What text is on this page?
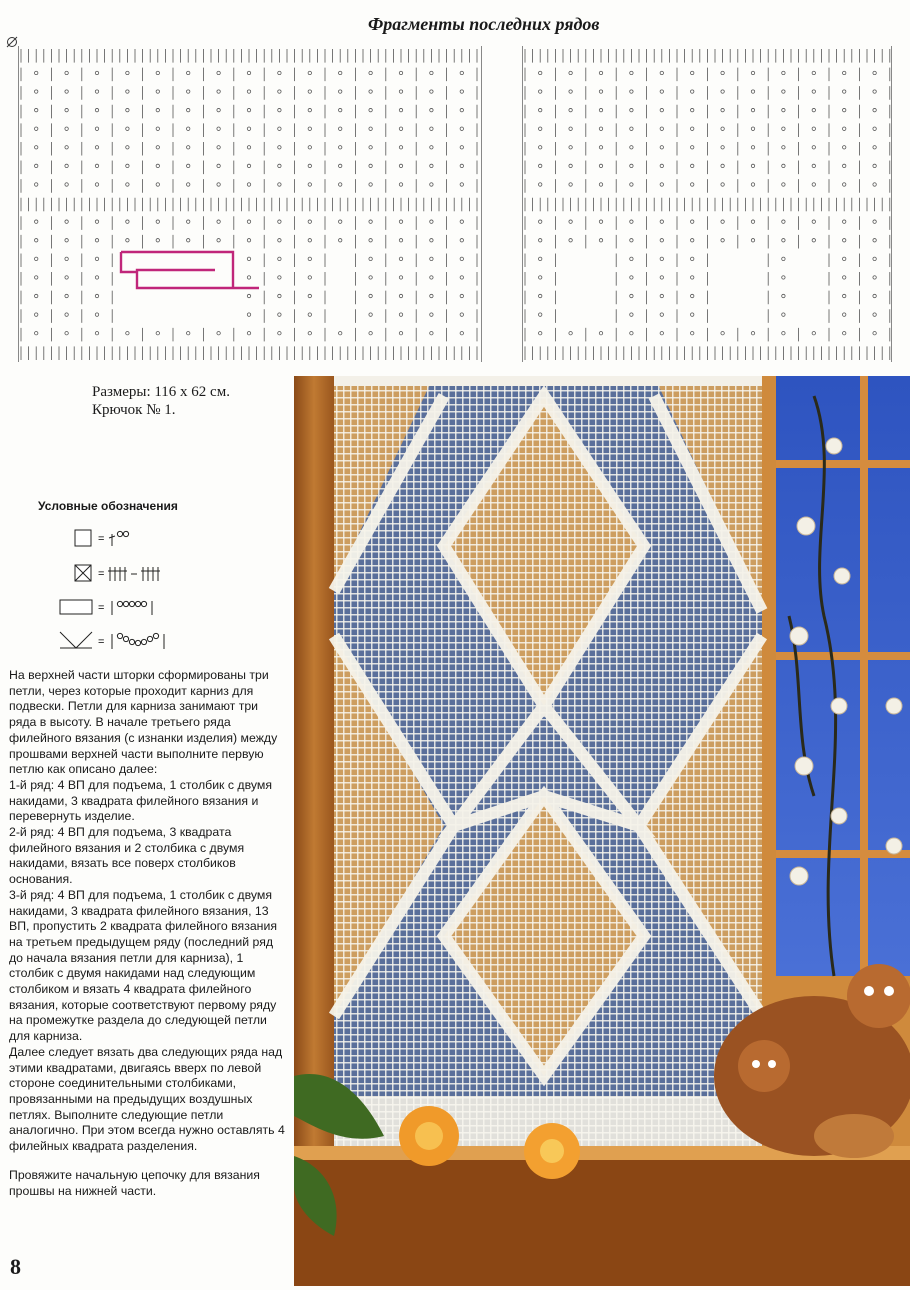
Фрагменты последних рядов
Размеры: 116 х 62 см.
Крючок № 1.
Условные обозначения
=
=
=
=

На верхней части шторки сформированы три петли, через которые проходит карниз для подвески. Петли для карниза занимают три ряда в высоту. В начале третьего ряда филейного вязания (с изнанки изделия) между прошвами верхней части выполните первую петлю как описано далее:

1-й ряд: 4 ВП для подъема, 1 столбик с двумя накидами, 3 квадрата филейного вязания и перевернуть изделие.

2-й ряд: 4 ВП для подъема, 3 квадрата филейного вязания и 2 столбика с двумя накидами, вязать все поверх столбиков основания.

3-й ряд: 4 ВП для подъема, 1 столбик с двумя накидами, 3 квадрата филейного вязания, 13 ВП, пропустить 2 квадрата филейного вязания на третьем предыдущем ряду (последний ряд до начала вязания петли для карниза), 1 столбик с двумя накидами над следующим столбиком и вязать 4 квадрата филейного вязания, которые соответствуют первому ряду на промежутке раздела до следующей петли для карниза.

Далее следует вязать два следующих ряда над этими квадратами, двигаясь вверх по левой стороне соединительными столбиками, провязанными на предыдущих воздушных петлях. Выполните следующие петли аналогично. При этом всегда нужно оставлять 4 филейных квадрата разделения.

Провяжите начальную цепочку для вязания прошвы на нижней части.

8
